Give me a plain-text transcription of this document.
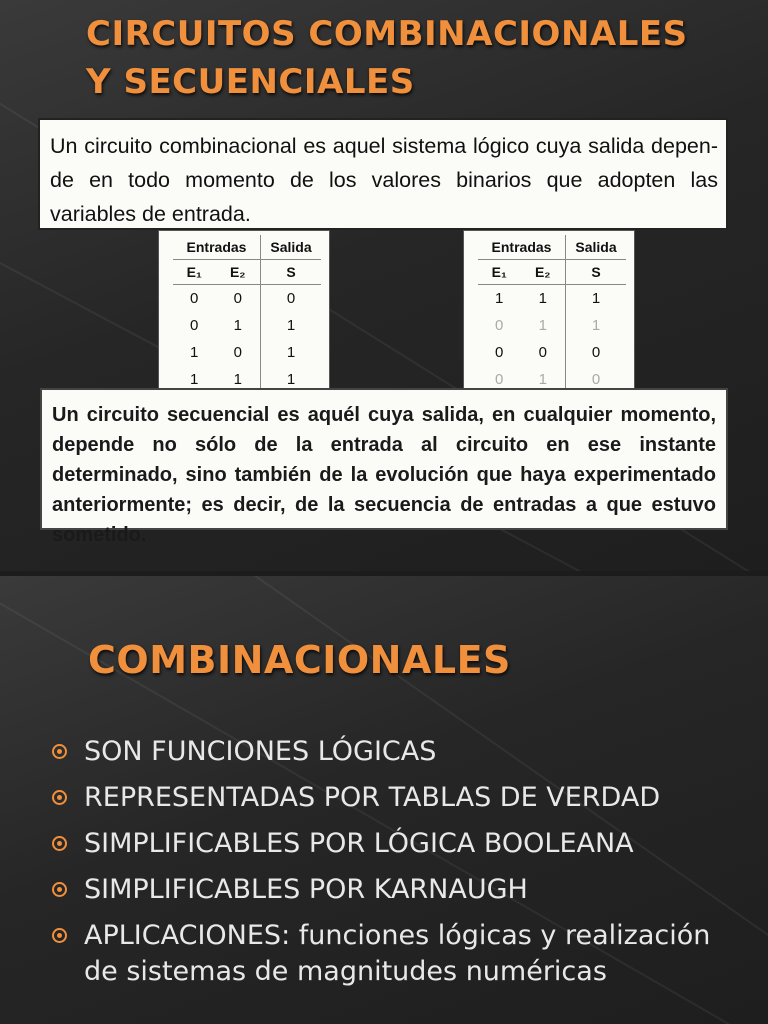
CIRCUITOS COMBINACIONALES
Y SECUENCIALES
Un circuito combinacional es aquel sistema lógico cuya salida depen-de en todo momento de los valores binarios que adopten las variables de entrada.
Entradas		Salida
E₁	E₂	S
0	0	0
0	1	1
1	0	1
1	1	1
Entradas		Salida
E₁	E₂	S
1	1	1
0	1	1
0	0	0
0	1	0
Un circuito secuencial es aquél cuya salida, en cualquier momento, depende no sólo de la entrada al circuito en ese instante determinado, sino también de la evolución que haya experimentado anteriormente; es decir, de la secuencia de entradas a que estuvo sometido.
COMBINACIONALES
SON FUNCIONES LÓGICAS
REPRESENTADAS POR TABLAS DE VERDAD
SIMPLIFICABLES POR LÓGICA BOOLEANA
SIMPLIFICABLES POR KARNAUGH
APLICACIONES: funciones lógicas y realización de sistemas de magnitudes numéricas
